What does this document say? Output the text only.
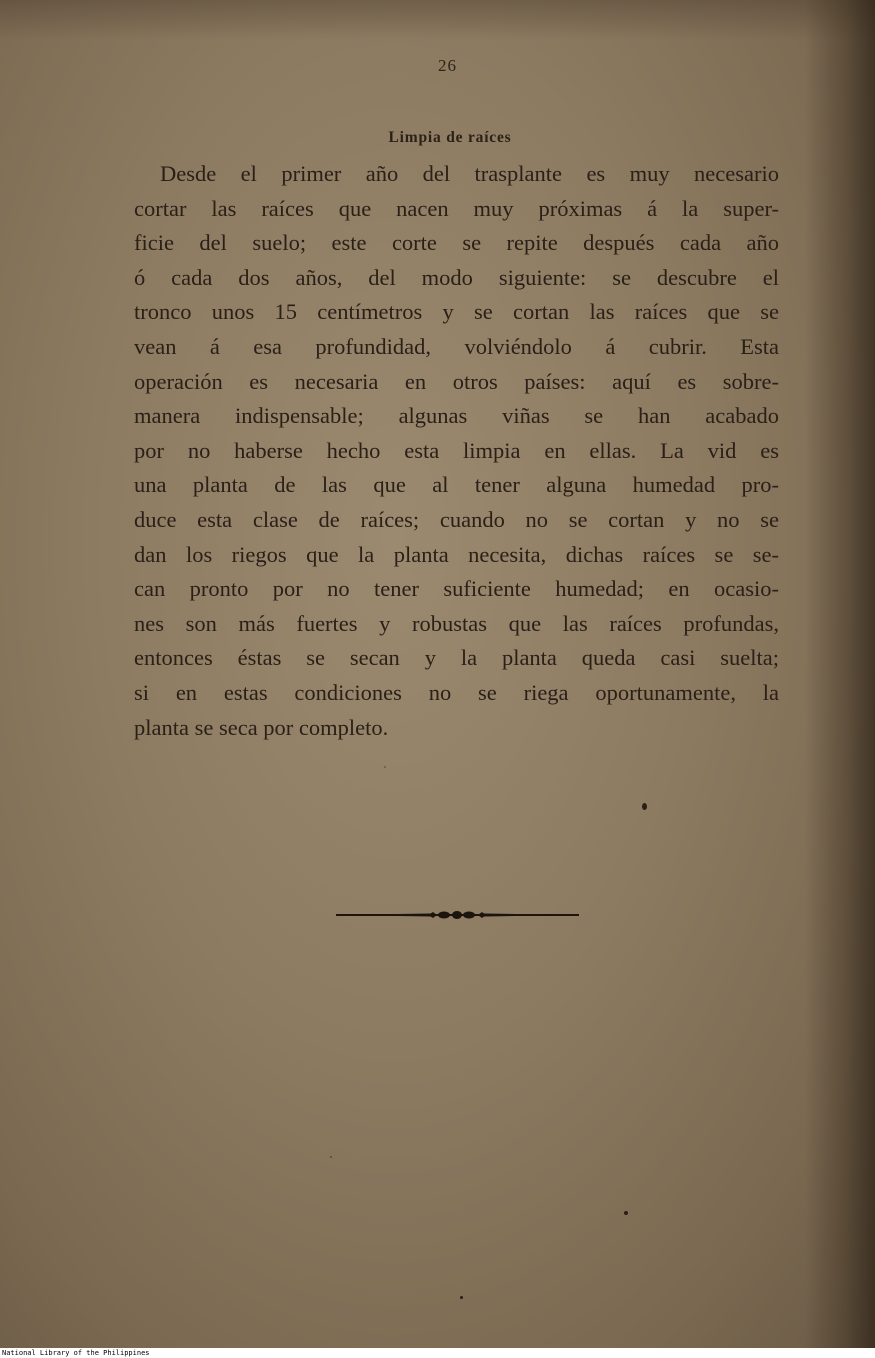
26
Limpia de raíces
Desde el primer año del trasplante es muy necesario
cortar las raíces que nacen muy próximas á la super-
ficie del suelo; este corte se repite después cada año
ó cada dos años, del modo siguiente: se descubre el
tronco unos 15 centímetros y se cortan las raíces que se
vean á esa profundidad, volviéndolo á cubrir. Esta
operación es necesaria en otros países: aquí es sobre-
manera indispensable; algunas viñas se han acabado
por no haberse hecho esta limpia en ellas. La vid es
una planta de las que al tener alguna humedad pro-
duce esta clase de raíces; cuando no se cortan y no se
dan los riegos que la planta necesita, dichas raíces se se-
can pronto por no tener suficiente humedad; en ocasio-
nes son más fuertes y robustas que las raíces profundas,
entonces éstas se secan y la planta queda casi suelta;
si en estas condiciones no se riega oportunamente, la
planta se seca por completo.
National Library of the Philippines
